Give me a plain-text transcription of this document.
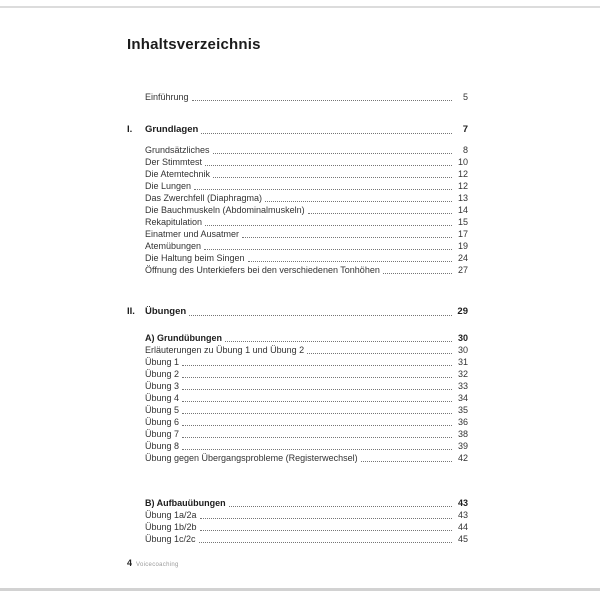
Inhaltsverzeichnis
Einführung	5
I.	Grundlagen	7
Grundsätzliches	8
Der Stimmtest	10
Die Atemtechnik	12
Die Lungen	12
Das Zwerchfell (Diaphragma)	13
Die Bauchmuskeln (Abdominalmuskeln)	14
Rekapitulation	15
Einatmer und Ausatmer	17
Atemübungen	19
Die Haltung beim Singen	24
Öffnung des Unterkiefers bei den verschiedenen Tonhöhen	27
II.	Übungen	29
A) Grundübungen	30
Erläuterungen zu Übung 1 und Übung 2	30
Übung 1	31
Übung 2	32
Übung 3	33
Übung 4	34
Übung 5	35
Übung 6	36
Übung 7	38
Übung 8	39
Übung gegen Übergangsprobleme (Registerwechsel)	42
B) Aufbauübungen	43
Übung 1a/2a	43
Übung 1b/2b	44
Übung 1c/2c	45
4 Voicecoaching
